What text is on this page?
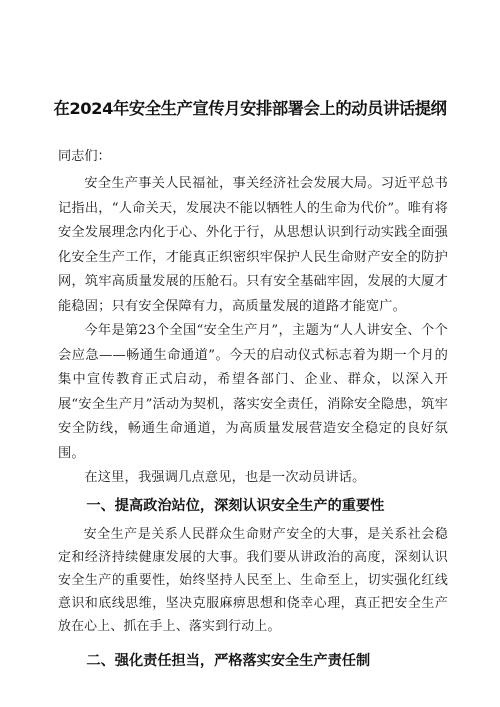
在2024年安全生产宣传月安排部署会上的动员讲话提纲
同志们：

安全生产事关人民福祉，事关经济社会发展大局。习近平总书记指出，“人命关天，发展决不能以牺牲人的生命为代价”。唯有将安全发展理念内化于心、外化于行，从思想认识到行动实践全面强化安全生产工作，才能真正织密织牢保护人民生命财产安全的防护网，筑牢高质量发展的压舱石。只有安全基础牢固，发展的大厦才能稳固；只有安全保障有力，高质量发展的道路才能宽广。

今年是第23个全国“安全生产月”，主题为“人人讲安全、个个会应急——畅通生命通道”。今天的启动仪式标志着为期一个月的集中宣传教育正式启动，希望各部门、企业、群众，以深入开展“安全生产月”活动为契机，落实安全责任，消除安全隐患，筑牢安全防线，畅通生命通道，为高质量发展营造安全稳定的良好氛围。

在这里，我强调几点意见，也是一次动员讲话。

一、提高政治站位，深刻认识安全生产的重要性

安全生产是关系人民群众生命财产安全的大事，是关系社会稳定和经济持续健康发展的大事。我们要从讲政治的高度，深刻认识安全生产的重要性，始终坚持人民至上、生命至上，切实强化红线意识和底线思维，坚决克服麻痹思想和侥幸心理，真正把安全生产放在心上、抓在手上、落实到行动上。

二、强化责任担当，严格落实安全生产责任制
